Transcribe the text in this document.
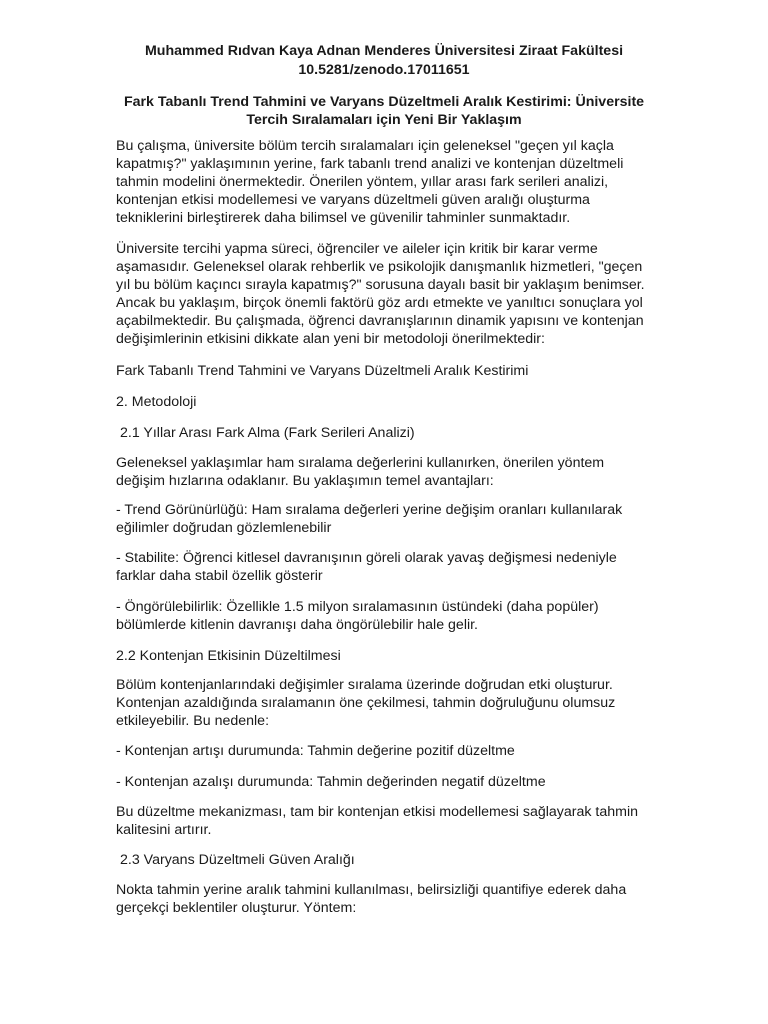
Muhammed Rıdvan Kaya Adnan Menderes Üniversitesi Ziraat Fakültesi
10.5281/zenodo.17011651
Fark Tabanlı Trend Tahmini ve Varyans Düzeltmeli Aralık Kestirimi: Üniversite
Tercih Sıralamaları için Yeni Bir Yaklaşım

Bu çalışma, üniversite bölüm tercih sıralamaları için geleneksel "geçen yıl kaçla kapatmış?" yaklaşımının yerine, fark tabanlı trend analizi ve kontenjan düzeltmeli tahmin modelini önermektedir. Önerilen yöntem, yıllar arası fark serileri analizi, kontenjan etkisi modellemesi ve varyans düzeltmeli güven aralığı oluşturma tekniklerini birleştirerek daha bilimsel ve güvenilir tahminler sunmaktadır.

Üniversite tercihi yapma süreci, öğrenciler ve aileler için kritik bir karar verme aşamasıdır. Geleneksel olarak rehberlik ve psikolojik danışmanlık hizmetleri, "geçen yıl bu bölüm kaçıncı sırayla kapatmış?" sorusuna dayalı basit bir yaklaşım benimser. Ancak bu yaklaşım, birçok önemli faktörü göz ardı etmekte ve yanıltıcı sonuçlara yol açabilmektedir. Bu çalışmada, öğrenci davranışlarının dinamik yapısını ve kontenjan değişimlerinin etkisini dikkate alan yeni bir metodoloji önerilmektedir:

Fark Tabanlı Trend Tahmini ve Varyans Düzeltmeli Aralık Kestirimi

2. Metodoloji

2.1 Yıllar Arası Fark Alma (Fark Serileri Analizi)

Geleneksel yaklaşımlar ham sıralama değerlerini kullanırken, önerilen yöntem değişim hızlarına odaklanır. Bu yaklaşımın temel avantajları:

- Trend Görünürlüğü: Ham sıralama değerleri yerine değişim oranları kullanılarak eğilimler doğrudan gözlemlenebilir

- Stabilite: Öğrenci kitlesel davranışının göreli olarak yavaş değişmesi nedeniyle farklar daha stabil özellik gösterir

- Öngörülebilirlik: Özellikle 1.5 milyon sıralamasının üstündeki (daha popüler) bölümlerde kitlenin davranışı daha öngörülebilir hale gelir.

2.2 Kontenjan Etkisinin Düzeltilmesi

Bölüm kontenjanlarındaki değişimler sıralama üzerinde doğrudan etki oluşturur. Kontenjan azaldığında sıralamanın öne çekilmesi, tahmin doğruluğunu olumsuz etkileyebilir. Bu nedenle:

- Kontenjan artışı durumunda: Tahmin değerine pozitif düzeltme

- Kontenjan azalışı durumunda: Tahmin değerinden negatif düzeltme

Bu düzeltme mekanizması, tam bir kontenjan etkisi modellemesi sağlayarak tahmin kalitesini artırır.

2.3 Varyans Düzeltmeli Güven Aralığı

Nokta tahmin yerine aralık tahmini kullanılması, belirsizliği quantifiye ederek daha gerçekçi beklentiler oluşturur. Yöntem:
